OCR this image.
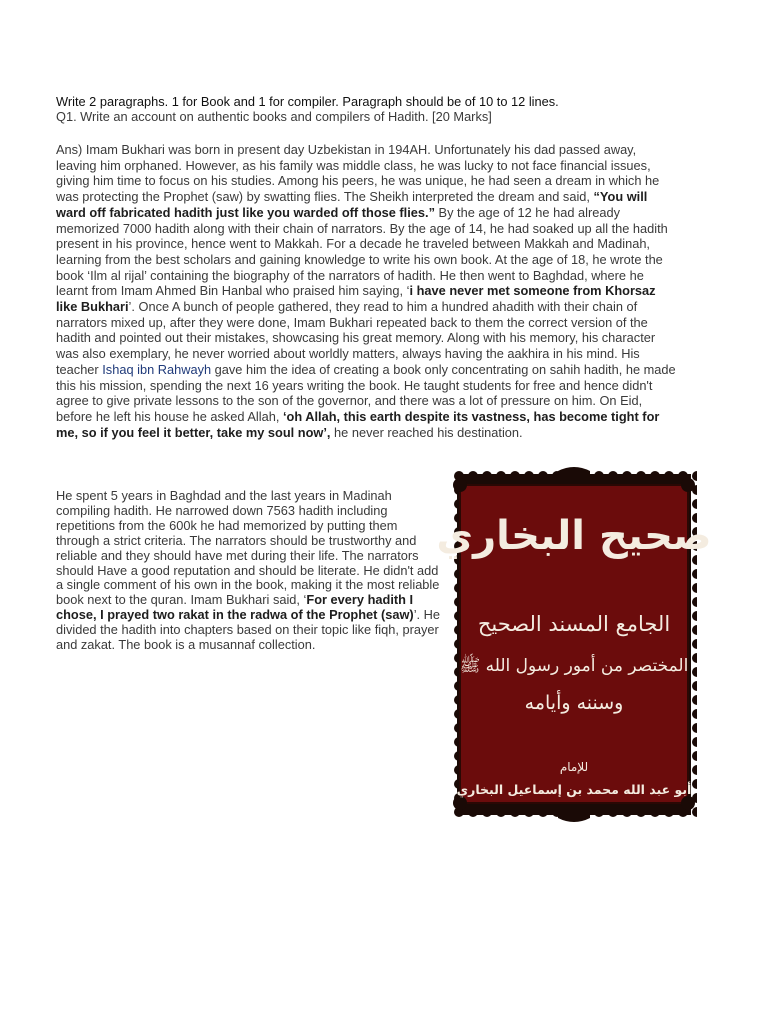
Write 2 paragraphs. 1 for Book and 1 for compiler. Paragraph should be of 10 to 12 lines.

Q1. Write an account on authentic books and compilers of Hadith. [20 Marks]

Ans) Imam Bukhari was born in present day Uzbekistan in 194AH. Unfortunately his dad passed away, leaving him orphaned. However, as his family was middle class, he was lucky to not face financial issues, giving him time to focus on his studies. Among his peers, he was unique, he had seen a dream in which he was protecting the Prophet (saw) by swatting flies. The Sheikh interpreted the dream and said, “You will ward off fabricated hadith just like you warded off those flies.” By the age of 12 he had already memorized 7000 hadith along with their chain of narrators. By the age of 14, he had soaked up all the hadith present in his province, hence went to Makkah. For a decade he traveled between Makkah and Madinah, learning from the best scholars and gaining knowledge to write his own book. At the age of 18, he wrote the book ‘Ilm al rijal’ containing the biography of the narrators of hadith. He then went to Baghdad, where he learnt from Imam Ahmed Bin Hanbal who praised him saying, ‘i have never met someone from Khorsaz like Bukhari’. Once A bunch of people gathered, they read to him a hundred ahadith with their chain of narrators mixed up, after they were done, Imam Bukhari repeated back to them the correct version of the hadith and pointed out their mistakes, showcasing his great memory. Along with his memory, his character was also exemplary, he never worried about worldly matters, always having the aakhira in his mind. His teacher Ishaq ibn Rahwayh gave him the idea of creating a book only concentrating on sahih hadith, he made this his mission, spending the next 16 years writing the book. He taught students for free and hence didn't agree to give private lessons to the son of the governor, and there was a lot of pressure on him. On Eid, before he left his house he asked Allah, ‘oh Allah, this earth despite its vastness, has become tight for me, so if you feel it better, take my soul now’, he never reached his destination.

He spent 5 years in Baghdad and the last years in Madinah compiling hadith. He narrowed down 7563 hadith including repetitions from the 600k he had memorized by putting them through a strict criteria. The narrators should be trustworthy and reliable and they should have met during their life. The narrators should Have a good reputation and should be literate. He didn't add a single comment of his own in the book, making it the most reliable book next to the quran. Imam Bukhari said, ‘For every hadith I chose, I prayed two rakat in the radwa of the Prophet (saw)’. He divided the hadith into chapters based on their topic like fiqh, prayer and zakat. The book is a musannaf collection.

صحيح البخاري
الجامع المسند الصحيح
المختصر من أمور رسول الله ﷺ
وسننه وأيامه
للإمام
أبو عبد الله محمد بن إسماعيل البخاري
